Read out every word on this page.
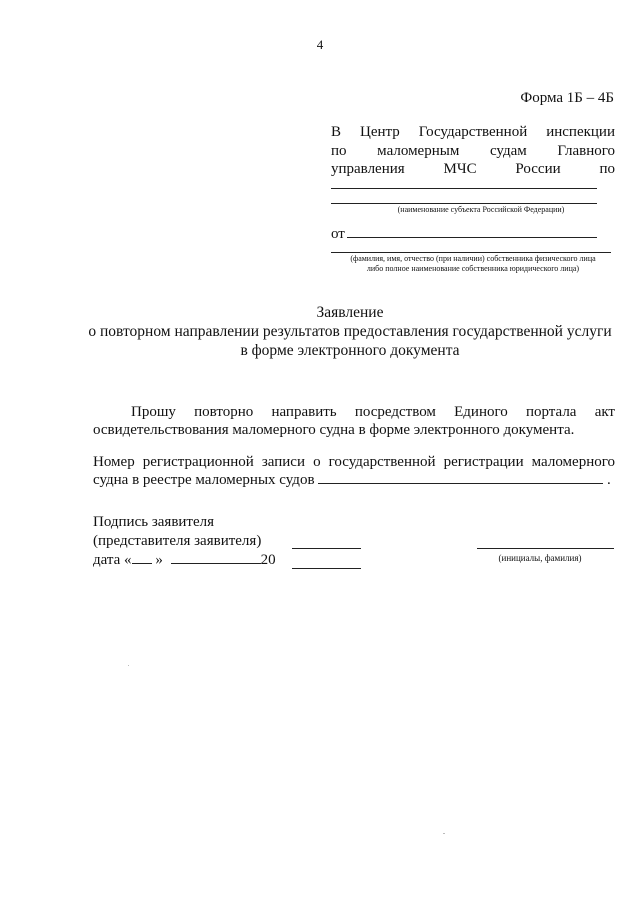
4
Форма 1Б – 4Б
В Центр Государственной инспекции
по маломерным судам Главного
управления МЧС России по
(наименование субъекта Российской Федерации)
от
(фамилия, имя, отчество (при наличии) собственника физического лица
либо полное наименование собственника юридического лица)
Заявление
о повторном направлении результатов предоставления государственной услуги
в форме электронного документа
Прошу повторно направить посредством Единого портала акт
освидетельствования маломерного судна в форме электронного документа.
Номер регистрационной записи о государственной регистрации маломерного
судна в реестре маломерных судов	.
Подпись заявителя
(представителя заявителя)
дата « »	20	(инициалы, фамилия)
